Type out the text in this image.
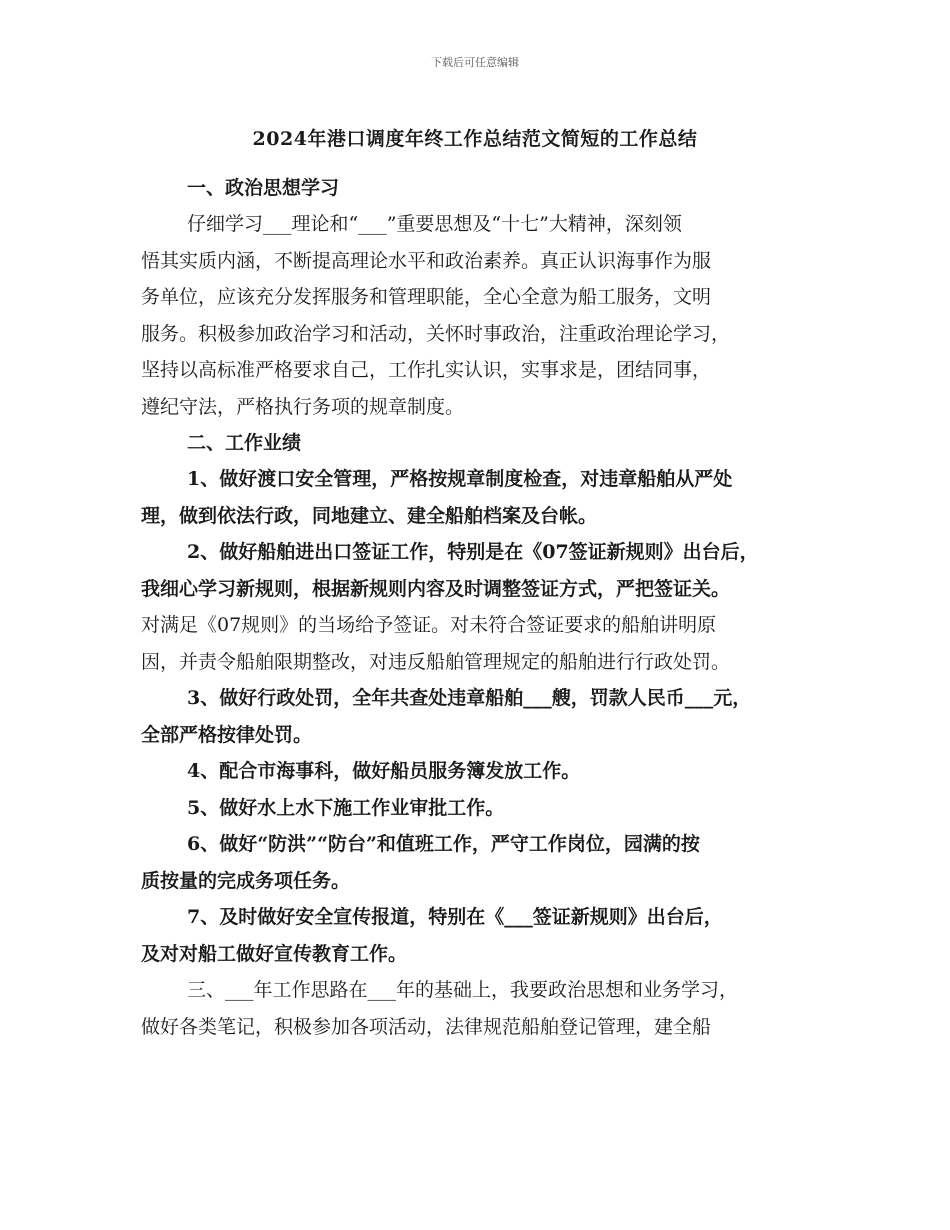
下载后可任意编辑
2024年港口调度年终工作总结范文简短的工作总结
一、政治思想学习
仔细学习___理论和“___”重要思想及“十七”大精神，深刻领
悟其实质内涵，不断提高理论水平和政治素养。真正认识海事作为服
务单位，应该充分发挥服务和管理职能，全心全意为船工服务，文明
服务。积极参加政治学习和活动，关怀时事政治，注重政治理论学习，
坚持以高标准严格要求自己，工作扎实认识，实事求是，团结同事，
遵纪守法，严格执行务项的规章制度。
二、工作业绩
1、做好渡口安全管理，严格按规章制度检查，对违章船舶从严处
理，做到依法行政，同地建立、建全船舶档案及台帐。
2、做好船舶进出口签证工作，特别是在《07签证新规则》出台后，
我细心学习新规则，根据新规则内容及时调整签证方式，严把签证关。
对满足《07规则》的当场给予签证。对未符合签证要求的船舶讲明原
因，并责令船舶限期整改，对违反船舶管理规定的船舶进行行政处罚。
3、做好行政处罚，全年共查处违章船舶___艘，罚款人民币___元，
全部严格按律处罚。
4、配合市海事科，做好船员服务簿发放工作。
5、做好水上水下施工作业审批工作。
6、做好“防洪”“防台”和值班工作，严守工作岗位，园满的按
质按量的完成务项任务。
7、及时做好安全宣传报道，特别在《___签证新规则》出台后，
及对对船工做好宣传教育工作。
三、___年工作思路在___年的基础上，我要政治思想和业务学习，
做好各类笔记，积极参加各项活动，法律规范船舶登记管理，建全船
